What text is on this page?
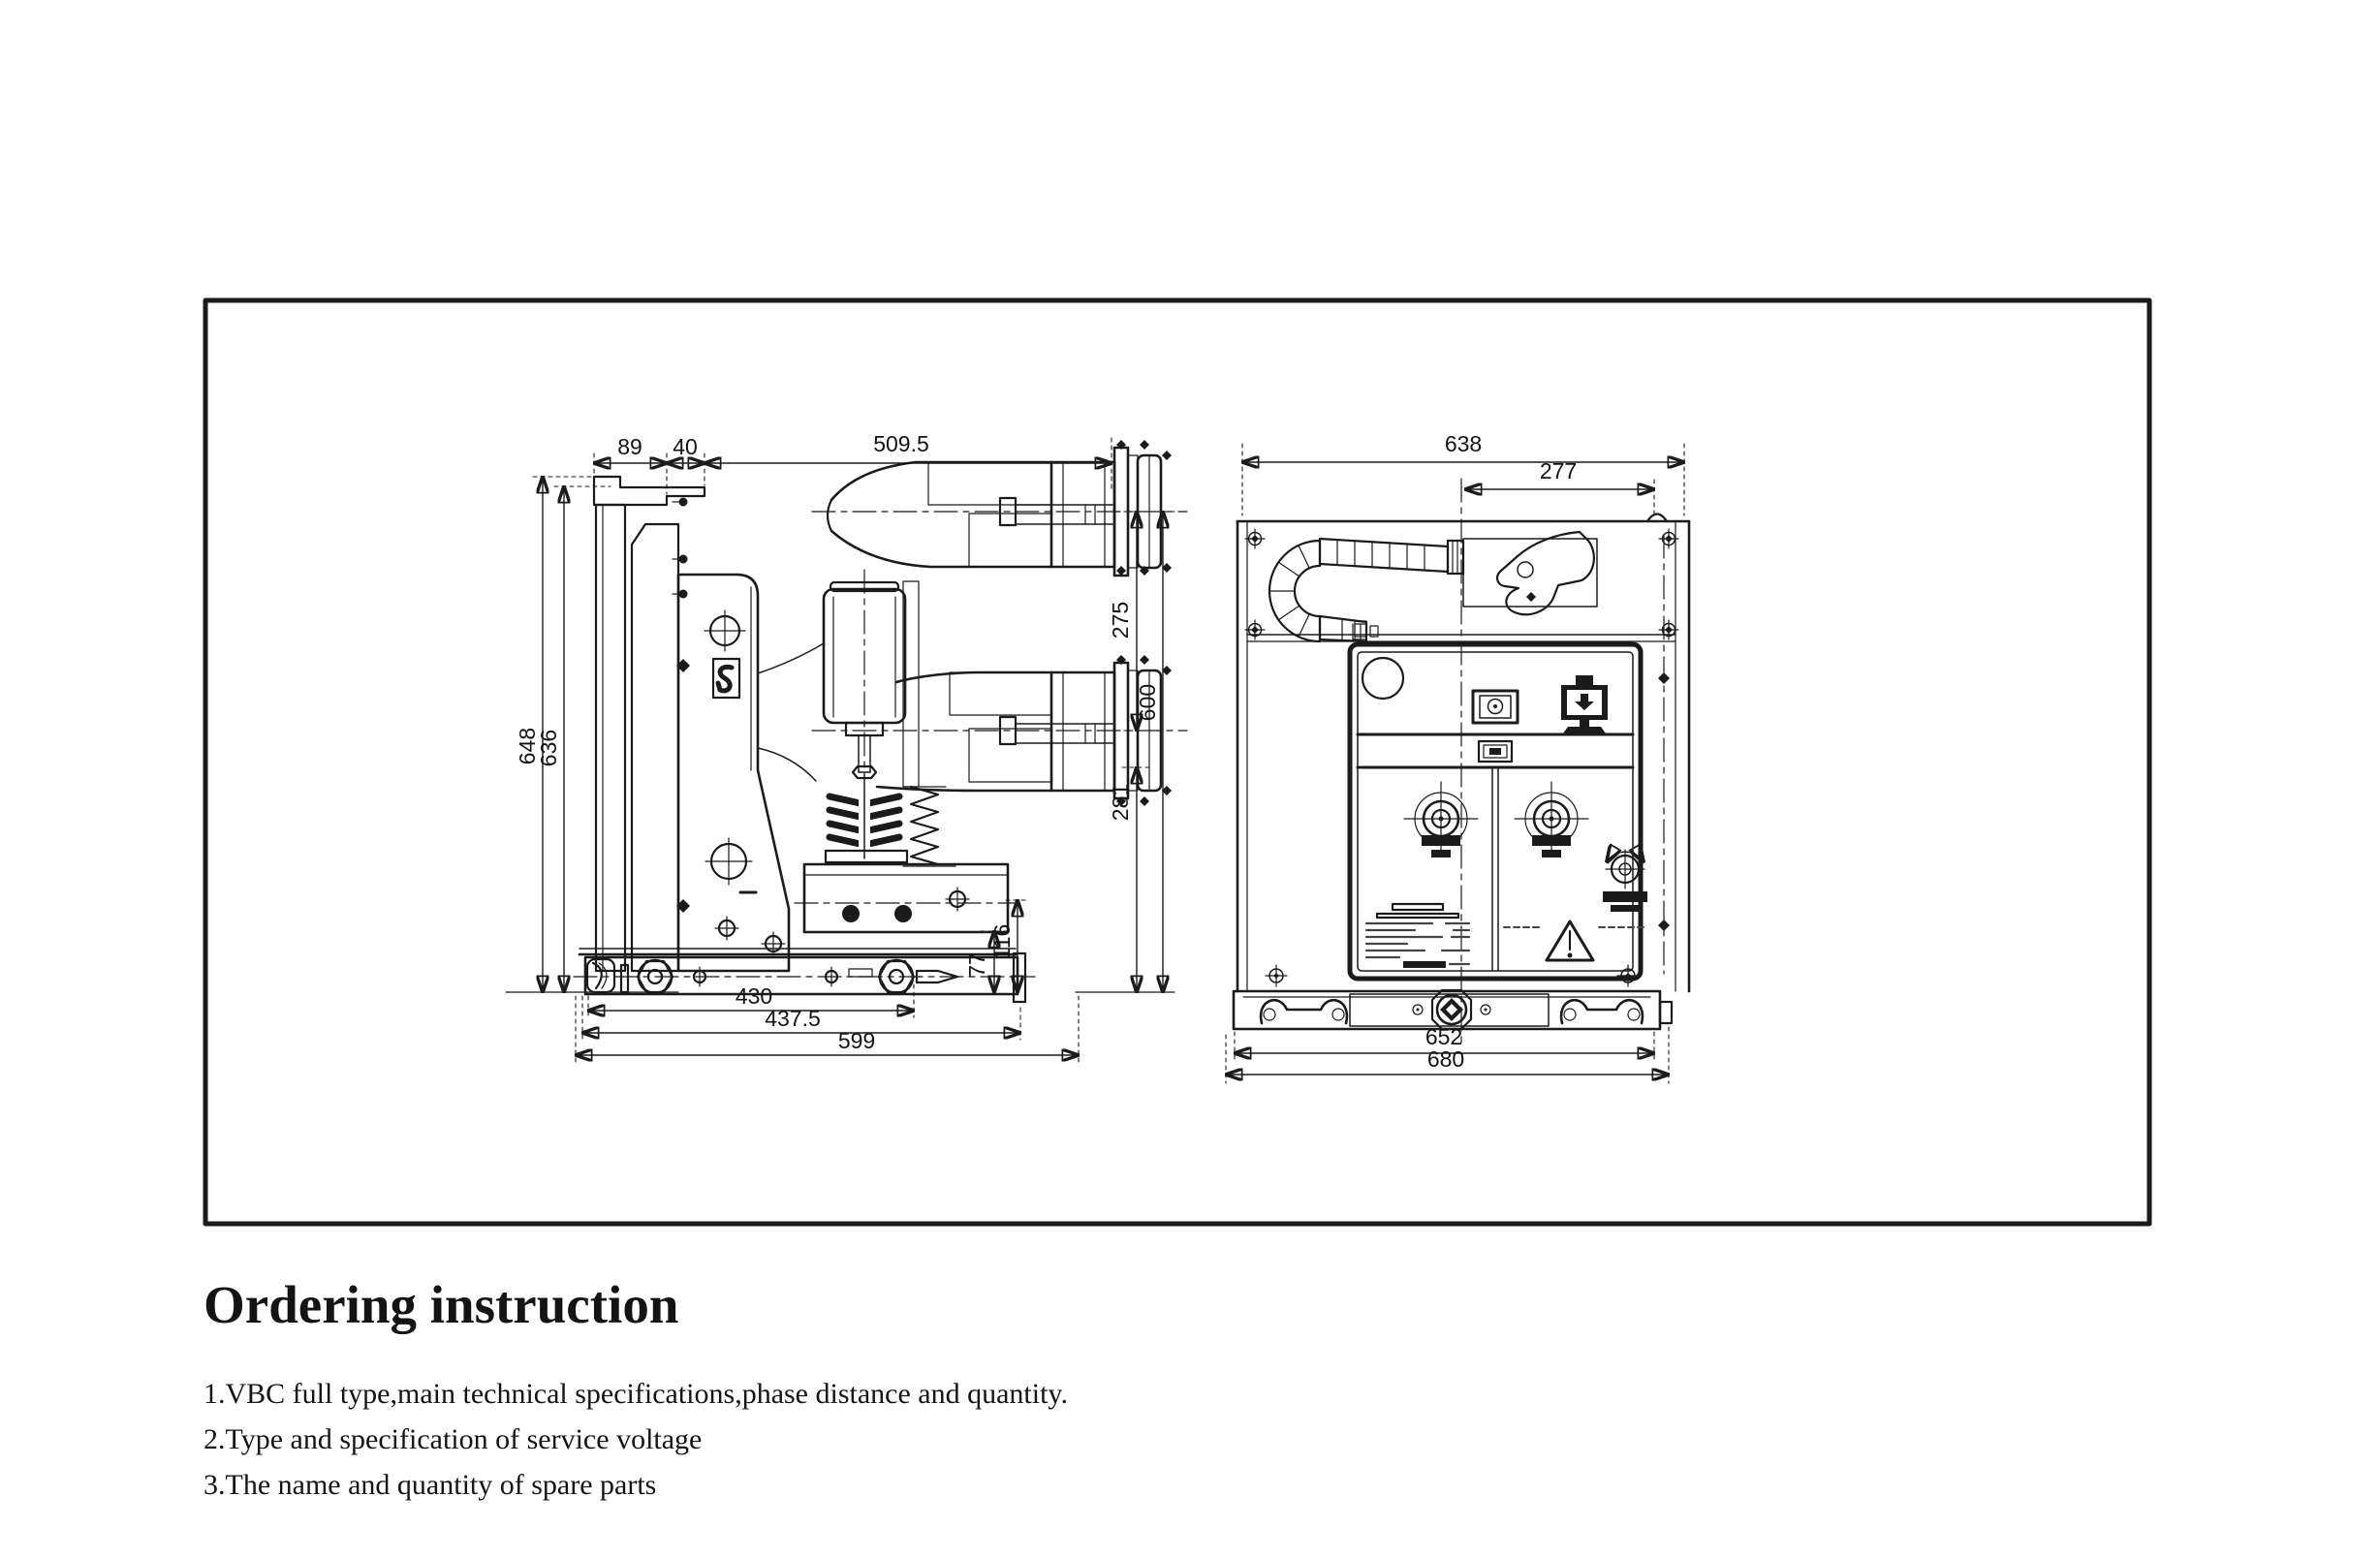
89 40	509.5
648
636
275
600
281
116
77
430
437.5
599
638
277
652
680
Ordering instruction
1.VBC full type,main technical specifications,phase distance and quantity.
2.Type and specification of service voltage
3.The name and quantity of spare parts
